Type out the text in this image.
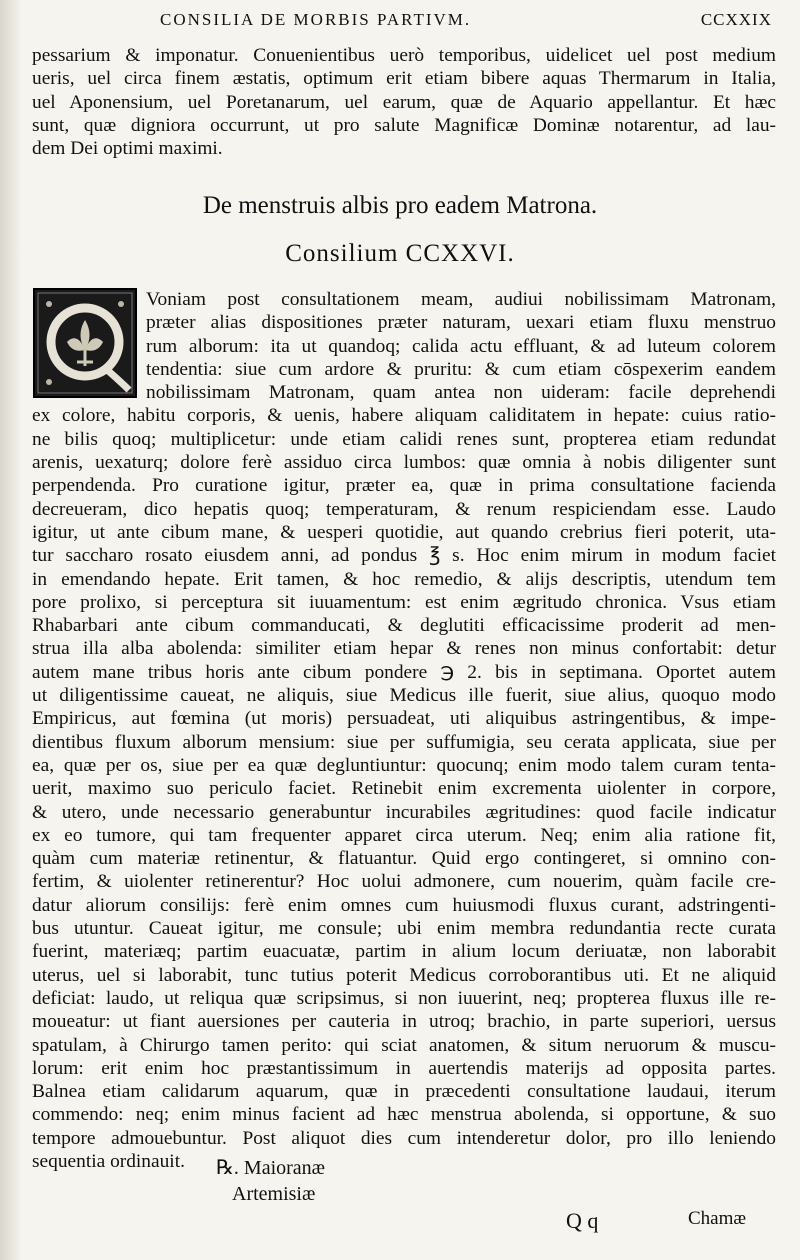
CONSILIA DE MORBIS PARTIVM.	CCXXIX
pessarium & imponatur. Conuenientibus uerò temporibus, uidelicet uel post medium
ueris, uel circa finem æstatis, optimum erit etiam bibere aquas Thermarum in Italia,
uel Aponensium, uel Poretanarum, uel earum, quæ de Aquario appellantur. Et hæc
sunt, quæ digniora occurrunt, ut pro salute Magnificæ Dominæ notarentur, ad lau-
dem Dei optimi maximi.
De menstruis albis pro eadem Matrona.
Consilium CCXXVI.
Voniam post consultationem meam, audiui nobilissimam Matronam,
præter alias dispositiones præter naturam, uexari etiam fluxu menstruo
rum alborum: ita ut quandoq; calida actu effluant, & ad luteum colorem
tendentia: siue cum ardore & pruritu: & cum etiam cōspexerim eandem
nobilissimam Matronam, quam antea non uideram: facile deprehendi
ex colore, habitu corporis, & uenis, habere aliquam caliditatem in hepate: cuius ratio-
ne bilis quoq; multiplicetur: unde etiam calidi renes sunt, propterea etiam redundat
arenis, uexaturq; dolore ferè assiduo circa lumbos: quæ omnia à nobis diligenter sunt
perpendenda. Pro curatione igitur, præter ea, quæ in prima consultatione facienda
decreueram, dico hepatis quoq; temperaturam, & renum respiciendam esse. Laudo
igitur, ut ante cibum mane, & uesperi quotidie, aut quando crebrius fieri poterit, uta-
tur saccharo rosato eiusdem anni, ad pondus ℥ s. Hoc enim mirum in modum faciet
in emendando hepate. Erit tamen, & hoc remedio, & alijs descriptis, utendum tem
pore prolixo, si perceptura sit iuuamentum: est enim ægritudo chronica. Vsus etiam
Rhabarbari ante cibum commanducati, & deglutiti efficacissime proderit ad men-
strua illa alba abolenda: similiter etiam hepar & renes non minus confortabit: detur
autem mane tribus horis ante cibum pondere ℈ 2. bis in septimana. Oportet autem
ut diligentissime caueat, ne aliquis, siue Medicus ille fuerit, siue alius, quoquo modo
Empiricus, aut fœmina (ut moris) persuadeat, uti aliquibus astringentibus, & impe-
dientibus fluxum alborum mensium: siue per suffumigia, seu cerata applicata, siue per
ea, quæ per os, siue per ea quæ degluntiuntur: quocunq; enim modo talem curam tenta-
uerit, maximo suo periculo faciet. Retinebit enim excrementa uiolenter in corpore,
& utero, unde necessario generabuntur incurabiles ægritudines: quod facile indicatur
ex eo tumore, qui tam frequenter apparet circa uterum. Neq; enim alia ratione fit,
quàm cum materiæ retinentur, & flatuantur. Quid ergo contingeret, si omnino con-
fertim, & uiolenter retinerentur? Hoc uolui admonere, cum nouerim, quàm facile cre-
datur aliorum consilijs: ferè enim omnes cum huiusmodi fluxus curant, adstringenti-
bus utuntur. Caueat igitur, me consule; ubi enim membra redundantia recte curata
fuerint, materiæq; partim euacuatæ, partim in alium locum deriuatæ, non laborabit
uterus, uel si laborabit, tunc tutius poterit Medicus corroborantibus uti. Et ne aliquid
deficiat: laudo, ut reliqua quæ scripsimus, si non iuuerint, neq; propterea fluxus ille re-
moueatur: ut fiant auersiones per cauteria in utroq; brachio, in parte superiori, uersus
spatulam, à Chirurgo tamen perito: qui sciat anatomen, & situm neruorum & muscu-
lorum: erit enim hoc præstantissimum in auertendis materijs ad opposita partes.
Balnea etiam calidarum aquarum, quæ in præcedenti consultatione laudaui, iterum
commendo: neq; enim minus facient ad hæc menstrua abolenda, si opportune, & suo
tempore admouebuntur. Post aliquot dies cum intenderetur dolor, pro illo leniendo
sequentia ordinauit.	℞. Maioranæ
Artemisiæ
Q q	Chamæ
